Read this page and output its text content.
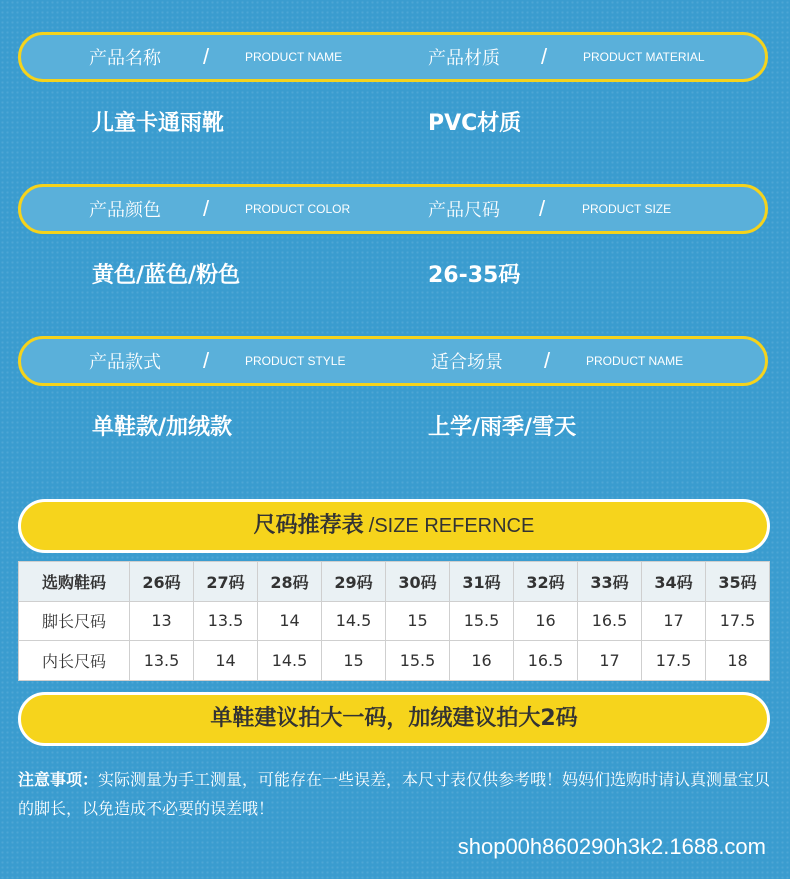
产品名称 /	PRODUCT NAME	产品材质 /	PRODUCT MATERIAL
儿童卡通雨靴	PVC材质
产品颜色 /	PRODUCT COLOR	产品尺码 /	PRODUCT SIZE
黄色/蓝色/粉色	26-35码
产品款式 /	PRODUCT STYLE	适合场景 /	PRODUCT NAME
单鞋款/加绒款	上学/雨季/雪天
尺码推荐表 /SIZE REFERNCE
选购鞋码	26码	27码	28码	29码	30码	31码	32码	33码	34码	35码
脚长尺码	13	13.5	14	14.5	15	15.5	16	16.5	17	17.5
内长尺码	13.5	14	14.5	15	15.5	16	16.5	17	17.5	18
单鞋建议拍大一码，加绒建议拍大2码
注意事项：实际测量为手工测量，可能存在一些误差，本尺寸表仅供参考哦！妈妈们选购时请认真测量宝贝的脚长，以免造成不必要的误差哦！
shop00h860290h3k2.1688.com
